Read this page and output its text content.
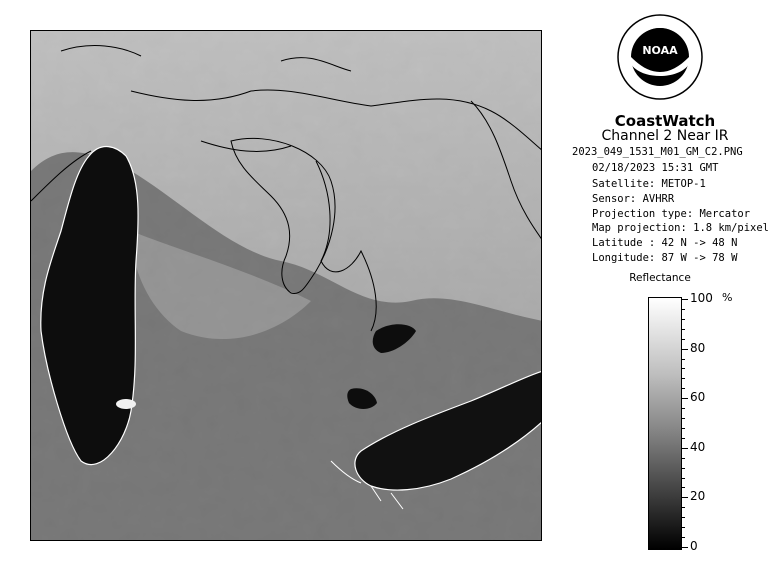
NOAA
CoastWatch
Channel 2 Near IR
2023_049_1531_M01_GM_C2.PNG
02/18/2023 15:31 GMT
Satellite: METOP-1
Sensor: AVHRR
Projection type: Mercator
Map projection: 1.8 km/pixel
Latitude : 42 N -> 48 N
Longitude: 87 W -> 78 W
Reflectance
%
100
80
60
40
20
0
